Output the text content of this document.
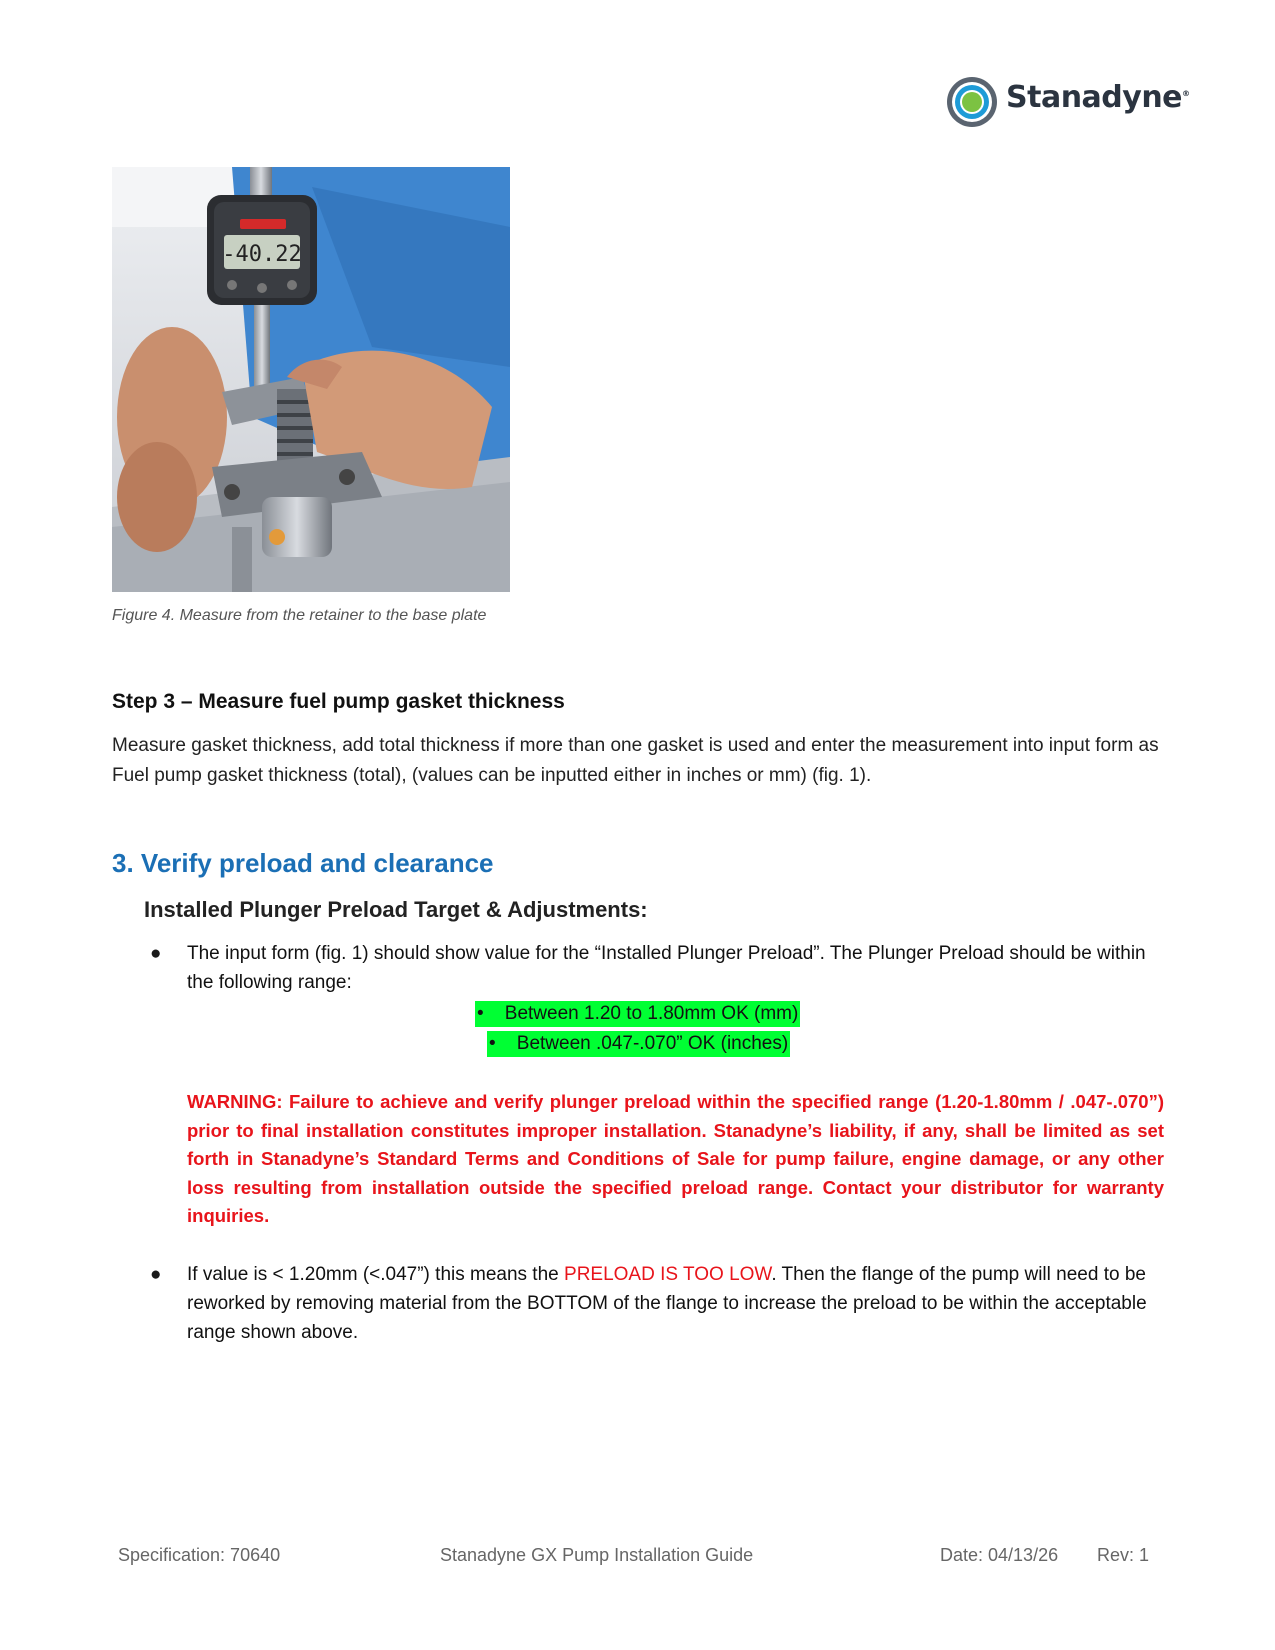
Stanadyne®
-40.22
Figure 4. Measure from the retainer to the base plate
Step 3 – Measure fuel pump gasket thickness
Measure gasket thickness, add total thickness if more than one gasket is used and enter the measurement into input form as Fuel pump gasket thickness (total), (values can be inputted either in inches or mm) (fig. 1).
3. Verify preload and clearance
Installed Plunger Preload Target & Adjustments:
● The input form (fig. 1) should show value for the “Installed Plunger Preload”. The Plunger Preload should be within the following range:
•    Between 1.20 to 1.80mm OK (mm)
•    Between .047-.070” OK (inches)
WARNING: Failure to achieve and verify plunger preload within the specified range (1.20-1.80mm / .047-.070”) prior to final installation constitutes improper installation. Stanadyne’s liability, if any, shall be limited as set forth in Stanadyne’s Standard Terms and Conditions of Sale for pump failure, engine damage, or any other loss resulting from installation outside the specified preload range. Contact your distributor for warranty inquiries.
● If value is < 1.20mm (<.047”) this means the PRELOAD IS TOO LOW. Then the flange of the pump will need to be reworked by removing material from the BOTTOM of the flange to increase the preload to be within the acceptable range shown above.
Specification: 70640	Stanadyne GX Pump Installation Guide	Date: 04/13/26 Rev: 1
